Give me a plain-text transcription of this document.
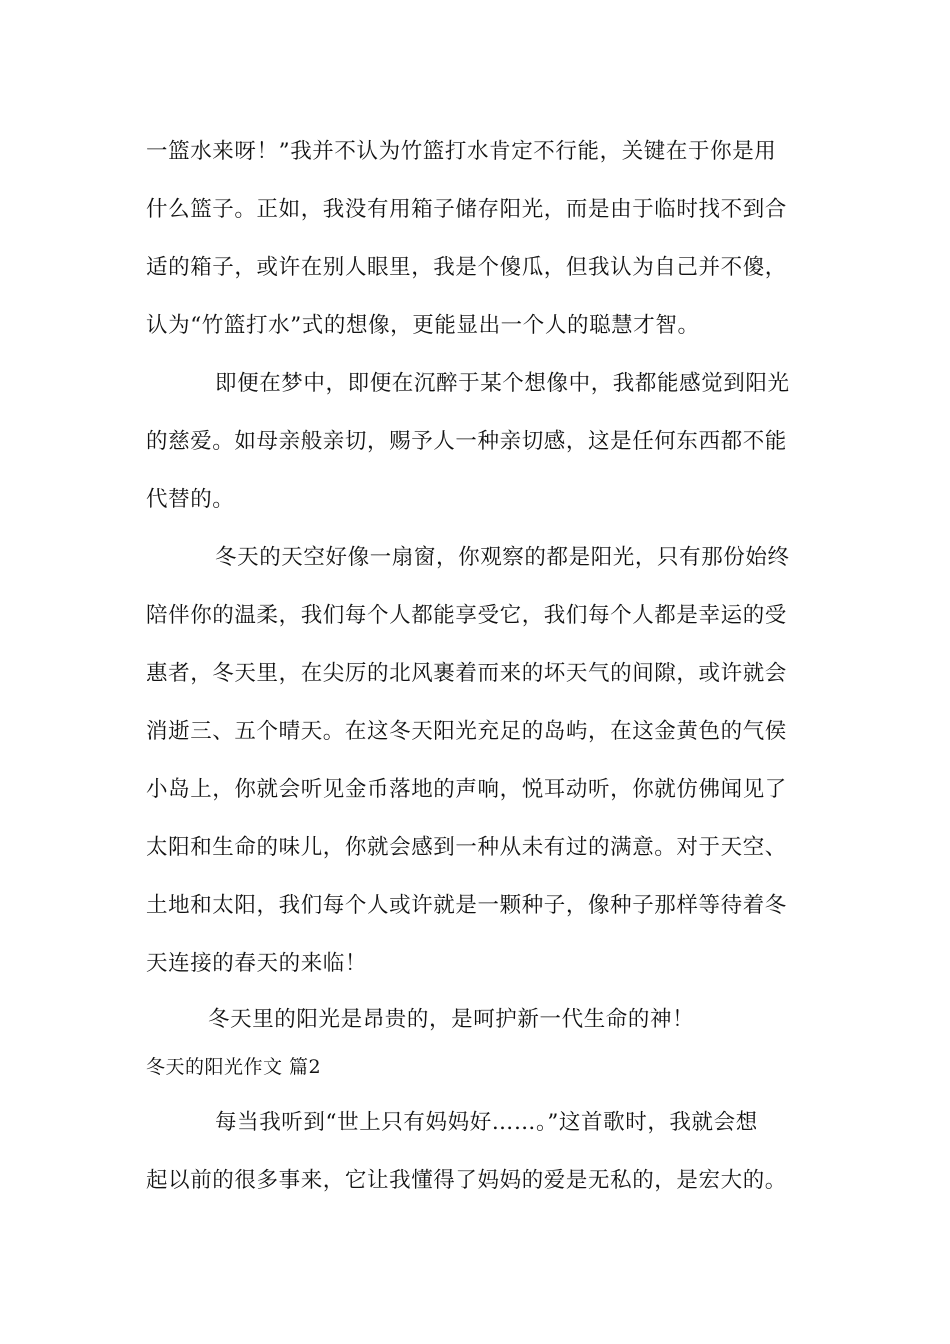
一篮水来呀！”我并不认为竹篮打水肯定不行能，关键在于你是用
什么篮子。正如，我没有用箱子储存阳光，而是由于临时找不到合
适的箱子，或许在别人眼里，我是个傻瓜，但我认为自己并不傻，
认为“竹篮打水”式的想像，更能显出一个人的聪慧才智。
即便在梦中，即便在沉醉于某个想像中，我都能感觉到阳光
的慈爱。如母亲般亲切，赐予人一种亲切感，这是任何东西都不能
代替的。
冬天的天空好像一扇窗，你观察的都是阳光，只有那份始终
陪伴你的温柔，我们每个人都能享受它，我们每个人都是幸运的受
惠者，冬天里，在尖厉的北风裹着而来的坏天气的间隙，或许就会
消逝三、五个晴天。在这冬天阳光充足的岛屿，在这金黄色的气侯
小岛上，你就会听见金币落地的声响，悦耳动听，你就仿佛闻见了
太阳和生命的味儿，你就会感到一种从未有过的满意。对于天空、
土地和太阳，我们每个人或许就是一颗种子，像种子那样等待着冬
天连接的春天的来临！
冬天里的阳光是昂贵的，是呵护新一代生命的神！
冬天的阳光作文 篇2
每当我听到“世上只有妈妈好……。”这首歌时，我就会想
起以前的很多事来，它让我懂得了妈妈的爱是无私的，是宏大的。
